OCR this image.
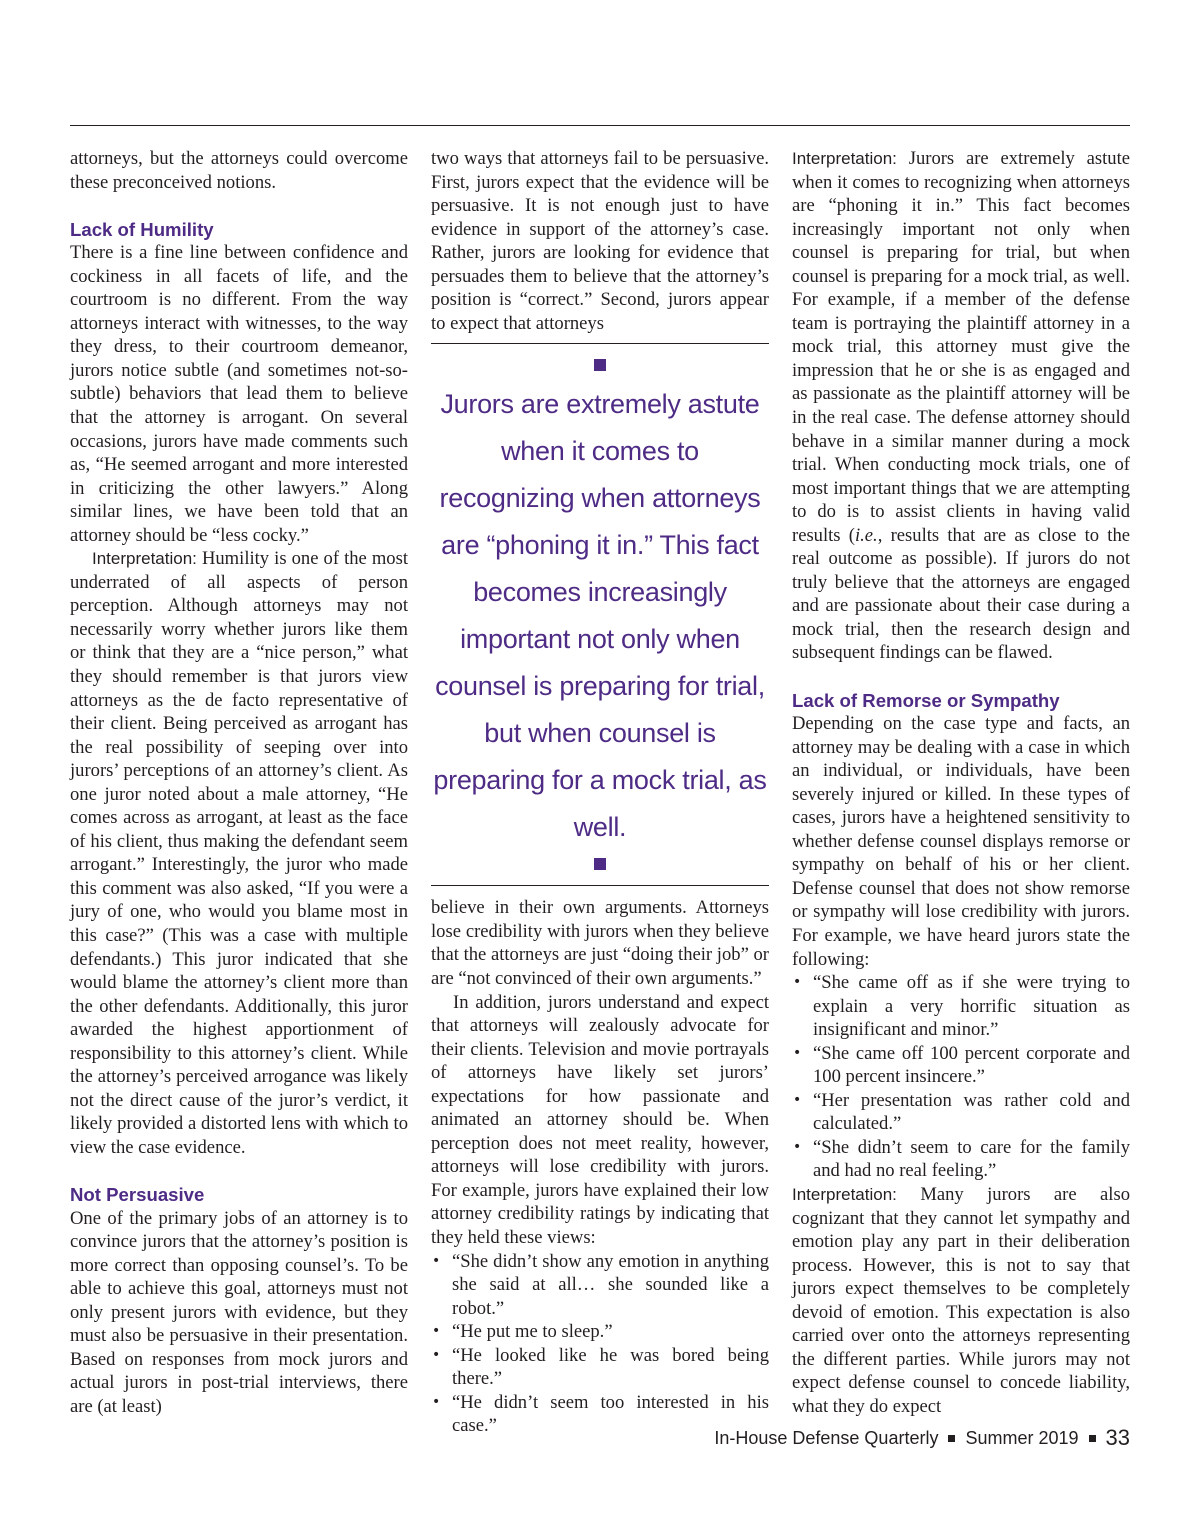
attorneys, but the attorneys could overcome these preconceived notions.

Lack of Humility

There is a fine line between confidence and cockiness in all facets of life, and the courtroom is no different. From the way attorneys interact with witnesses, to the way they dress, to their courtroom demeanor, jurors notice subtle (and sometimes not-so-subtle) behaviors that lead them to believe that the attorney is arrogant. On several occasions, jurors have made comments such as, “He seemed arrogant and more interested in criticizing the other lawyers.” Along similar lines, we have been told that an attorney should be “less cocky.”

Interpretation: Humility is one of the most underrated of all aspects of person perception. Although attorneys may not necessarily worry whether jurors like them or think that they are a “nice person,” what they should remember is that jurors view attorneys as the de facto representative of their client. Being perceived as arrogant has the real possibility of seeping over into jurors’ perceptions of an attorney’s client. As one juror noted about a male attorney, “He comes across as arrogant, at least as the face of his client, thus making the defendant seem arrogant.” Interestingly, the juror who made this comment was also asked, “If you were a jury of one, who would you blame most in this case?” (This was a case with multiple defendants.) This juror indicated that she would blame the attorney’s client more than the other defendants. Additionally, this juror awarded the highest apportionment of responsibility to this attorney’s client. While the attorney’s perceived arrogance was likely not the direct cause of the juror’s verdict, it likely provided a distorted lens with which to view the case evidence.

Not Persuasive

One of the primary jobs of an attorney is to convince jurors that the attorney’s position is more correct than opposing counsel’s. To be able to achieve this goal, attorneys must not only present jurors with evidence, but they must also be persuasive in their presentation. Based on responses from mock jurors and actual jurors in post-trial interviews, there are (at least)

two ways that attorneys fail to be persuasive. First, jurors expect that the evidence will be persuasive. It is not enough just to have evidence in support of the attorney’s case. Rather, jurors are looking for evidence that persuades them to believe that the attorney’s position is “correct.” Second, jurors appear to expect that attorneys

Jurors are extremely astute when it comes to recognizing when attorneys are “phoning it in.” This fact becomes increasingly important not only when counsel is preparing for trial, but when counsel is preparing for a mock trial, as well.

believe in their own arguments. Attorneys lose credibility with jurors when they believe that the attorneys are just “doing their job” or are “not convinced of their own arguments.”

In addition, jurors understand and expect that attorneys will zealously advocate for their clients. Television and movie portrayals of attorneys have likely set jurors’ expectations for how passionate and animated an attorney should be. When perception does not meet reality, however, attorneys will lose credibility with jurors. For example, jurors have explained their low attorney credibility ratings by indicating that they held these views:

• “She didn’t show any emotion in anything she said at all… she sounded like a robot.”
• “He put me to sleep.”
• “He looked like he was bored being there.”
• “He didn’t seem too interested in his case.”

Interpretation: Jurors are extremely astute when it comes to recognizing when attorneys are “phoning it in.” This fact becomes increasingly important not only when counsel is preparing for trial, but when counsel is preparing for a mock trial, as well. For example, if a member of the defense team is portraying the plaintiff attorney in a mock trial, this attorney must give the impression that he or she is as engaged and as passionate as the plaintiff attorney will be in the real case. The defense attorney should behave in a similar manner during a mock trial. When conducting mock trials, one of most important things that we are attempting to do is to assist clients in having valid results (i.e., results that are as close to the real outcome as possible). If jurors do not truly believe that the attorneys are engaged and are passionate about their case during a mock trial, then the research design and subsequent findings can be flawed.

Lack of Remorse or Sympathy

Depending on the case type and facts, an attorney may be dealing with a case in which an individual, or individuals, have been severely injured or killed. In these types of cases, jurors have a heightened sensitivity to whether defense counsel displays remorse or sympathy on behalf of his or her client. Defense counsel that does not show remorse or sympathy will lose credibility with jurors. For example, we have heard jurors state the following:

• “She came off as if she were trying to explain a very horrific situation as insignificant and minor.”
• “She came off 100 percent corporate and 100 percent insincere.”
• “Her presentation was rather cold and calculated.”
• “She didn’t seem to care for the family and had no real feeling.”

Interpretation: Many jurors are also cognizant that they cannot let sympathy and emotion play any part in their deliberation process. However, this is not to say that jurors expect themselves to be completely devoid of emotion. This expectation is also carried over onto the attorneys representing the different parties. While jurors may not expect defense counsel to concede liability, what they do expect

In-House Defense Quarterly Summer 2019 33
